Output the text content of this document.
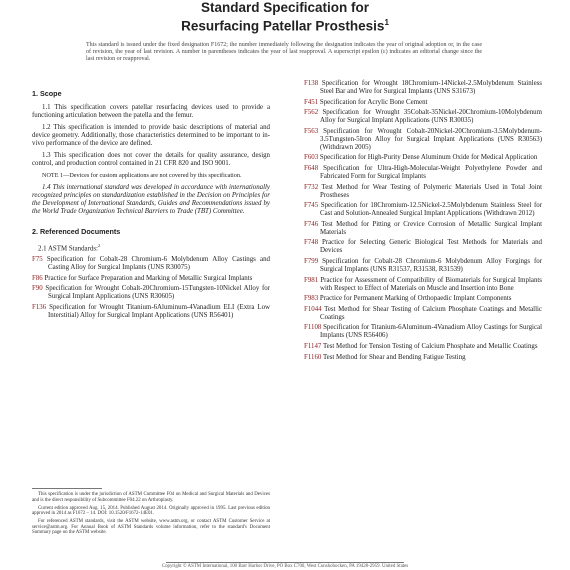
Standard Specification for
Resurfacing Patellar Prosthesis$^1$
This standard is issued under the fixed designation F1672; the number immediately following the designation indicates the year of original adoption or, in the case of revision, the year of last revision. A number in parentheses indicates the year of last reapproval. A superscript epsilon (ε) indicates an editorial change since the last revision or reapproval.
1. Scope

1.1 This specification covers patellar resurfacing devices used to provide a functioning articulation between the patella and the femur.

1.2 This specification is intended to provide basic descriptions of material and device geometry. Additionally, those characteristics determined to be important to in-vivo performance of the device are defined.

1.3 This specification does not cover the details for quality assurance, design control, and production control contained in 21 CFR 820 and ISO 9001.

NOTE 1—Devices for custom applications are not covered by this specification.

1.4 This international standard was developed in accordance with internationally recognized principles on standardization established in the Decision on Principles for the Development of International Standards, Guides and Recommendations issued by the World Trade Organization Technical Barriers to Trade (TBT) Committee.

2. Referenced Documents
2.1 ASTM Standards:$^2$
F75 Specification for Cobalt-28 Chromium-6 Molybdenum Alloy Castings and Casting Alloy for Surgical Implants (UNS R30075)
F86 Practice for Surface Preparation and Marking of Metallic Surgical Implants
F90 Specification for Wrought Cobalt-20Chromium-15Tungsten-10Nickel Alloy for Surgical Implant Applications (UNS R30605)
F136 Specification for Wrought Titanium-6Aluminum-4Vanadium ELI (Extra Low Interstitial) Alloy for Surgical Implant Applications (UNS R56401)
F138 Specification for Wrought 18Chromium-14Nickel-2.5Molybdenum Stainless Steel Bar and Wire for Surgical Implants (UNS S31673)
F451 Specification for Acrylic Bone Cement
F562 Specification for Wrought 35Cobalt-35Nickel-20Chromium-10Molybdenum Alloy for Surgical Implant Applications (UNS R30035)
F563 Specification for Wrought Cobalt-20Nickel-20Chromium-3.5Molybdenum-3.5Tungsten-5Iron Alloy for Surgical Implant Applications (UNS R30563) (Withdrawn 2005)
F603 Specification for High-Purity Dense Aluminum Oxide for Medical Application
F648 Specification for Ultra-High-Molecular-Weight Polyethylene Powder and Fabricated Form for Surgical Implants
F732 Test Method for Wear Testing of Polymeric Materials Used in Total Joint Prostheses
F745 Specification for 18Chromium-12.5Nickel-2.5Molybdenum Stainless Steel for Cast and Solution-Annealed Surgical Implant Applications (Withdrawn 2012)
F746 Test Method for Pitting or Crevice Corrosion of Metallic Surgical Implant Materials
F748 Practice for Selecting Generic Biological Test Methods for Materials and Devices
F799 Specification for Cobalt-28 Chromium-6 Molybdenum Alloy Forgings for Surgical Implants (UNS R31537, R31538, R31539)
F981 Practice for Assessment of Compatibility of Biomaterials for Surgical Implants with Respect to Effect of Materials on Muscle and Insertion into Bone
F983 Practice for Permanent Marking of Orthopaedic Implant Components
F1044 Test Method for Shear Testing of Calcium Phosphate Coatings and Metallic Coatings
F1108 Specification for Titanium-6Aluminum-4Vanadium Alloy Castings for Surgical Implants (UNS R56406)
F1147 Test Method for Tension Testing of Calcium Phosphate and Metallic Coatings
F1160 Test Method for Shear and Bending Fatigue Testing

This specification is under the jurisdiction of ASTM Committee F04 on Medical and Surgical Materials and Devices and is the direct responsibility of Subcommittee F04.22 on Arthroplasty.

Current edition approved Aug. 15, 2014. Published August 2014. Originally approved in 1995. Last previous edition approved in 2014 as F1672 – 14. DOI: 10.1520/F1672-14E01.

For referenced ASTM standards, visit the ASTM website, www.astm.org, or contact ASTM Customer Service at service@astm.org. For Annual Book of ASTM Standards volume information, refer to the standard's Document Summary page on the ASTM website.

Copyright © ASTM International, 100 Barr Harbor Drive, PO Box C700, West Conshohocken, PA 19428-2959. United States
